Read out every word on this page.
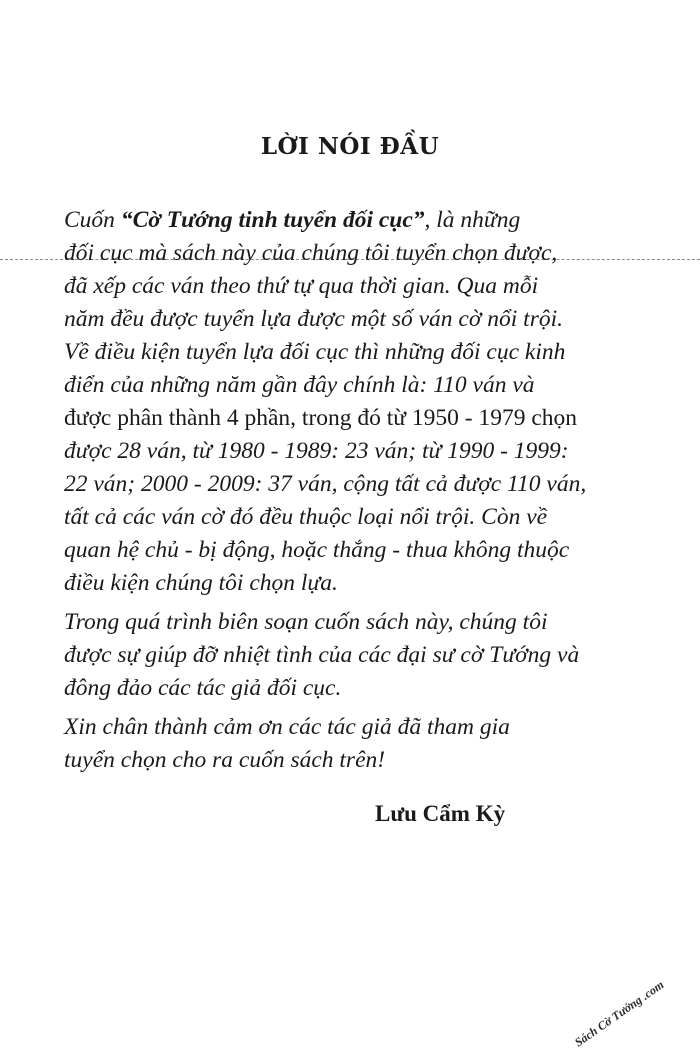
LỜI NÓI ĐẦU

Cuốn “Cờ Tướng tinh tuyển đối cục”, là những
đối cục mà sách này của chúng tôi tuyển chọn được,
đã xếp các ván theo thứ tự qua thời gian. Qua mỗi
năm đều được tuyển lựa được một số ván cờ nổi trội.
Về điều kiện tuyển lựa đối cục thì những đối cục kinh
điển của những năm gần đây chính là: 110 ván và
được phân thành 4 phần, trong đó từ 1950 - 1979 chọn
được 28 ván, từ 1980 - 1989: 23 ván; từ 1990 - 1999:
22 ván; 2000 - 2009: 37 ván, cộng tất cả được 110 ván,
tất cả các ván cờ đó đều thuộc loại nổi trội. Còn về
quan hệ chủ - bị động, hoặc thắng - thua không thuộc
điều kiện chúng tôi chọn lựa.

Trong quá trình biên soạn cuốn sách này, chúng tôi
được sự giúp đỡ nhiệt tình của các đại sư cờ Tướng và
đông đảo các tác giả đối cục.

Xin chân thành cảm ơn các tác giả đã tham gia
tuyển chọn cho ra cuốn sách trên!

Lưu Cẩm Kỳ

Sách Cờ Tướng .com
